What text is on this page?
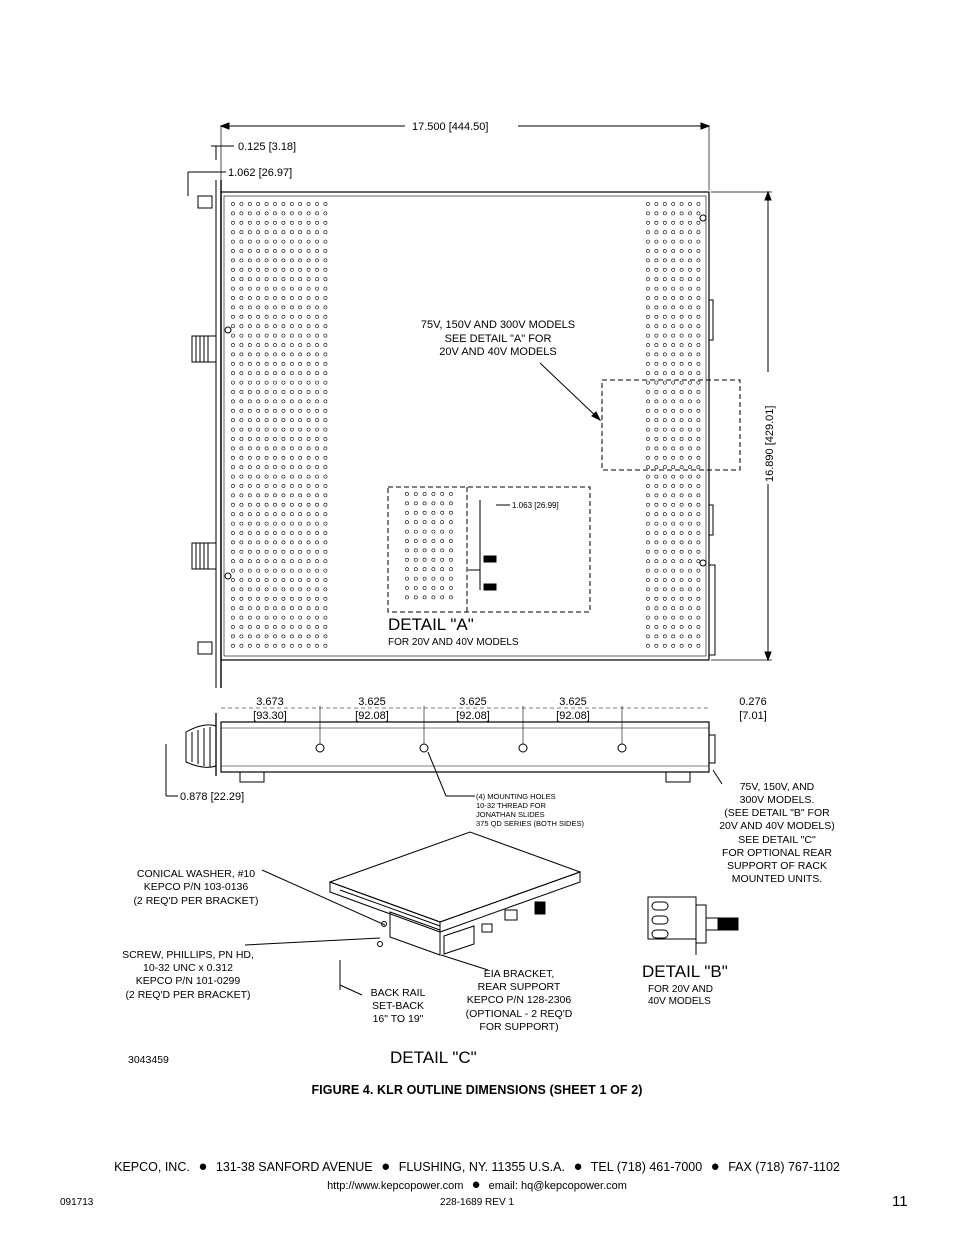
17.500 [444.50]
0.125 [3.18]
1.062 [26.97]
16.890 [429.01]
75V, 150V AND 300V MODELS
SEE DETAIL "A" FOR
20V AND 40V MODELS
1.063 [26.99]
DETAIL "A"
FOR 20V AND 40V MODELS
3.673
[93.30]
3.625
[92.08]
3.625
[92.08]
3.625
[92.08]
0.276
[7.01]
0.878 [22.29]	(4) MOUNTING HOLES
10-32 THREAD FOR
JONATHAN SLIDES
375 QD SERIES (BOTH SIDES)
75V, 150V, AND
300V MODELS.
(SEE DETAIL "B" FOR
20V AND 40V MODELS)
SEE DETAIL "C"
FOR OPTIONAL REAR
SUPPORT OF RACK
MOUNTED UNITS.
CONICAL WASHER, #10
KEPCO P/N 103-0136
(2 REQ'D PER BRACKET)
SCREW, PHILLIPS, PN HD,
10-32 UNC x 0.312
KEPCO P/N 101-0299
(2 REQ'D PER BRACKET)	BACK RAIL
SET-BACK
16" TO 19"
EIA BRACKET,
REAR SUPPORT
KEPCO P/N 128-2306
(OPTIONAL - 2 REQ'D
FOR SUPPORT)
DETAIL "C"
3043459
DETAIL "B"
FOR 20V AND
40V MODELS
FIGURE 4. KLR OUTLINE DIMENSIONS (SHEET 1 OF 2)
KEPCO, INC. ● 131-38 SANFORD AVENUE ● FLUSHING, NY. 11355 U.S.A. ● TEL (718) 461-7000 ● FAX (718) 767-1102
http://www.kepcopower.com ● email: hq@kepcopower.com
091713	228-1689 REV 1	11
